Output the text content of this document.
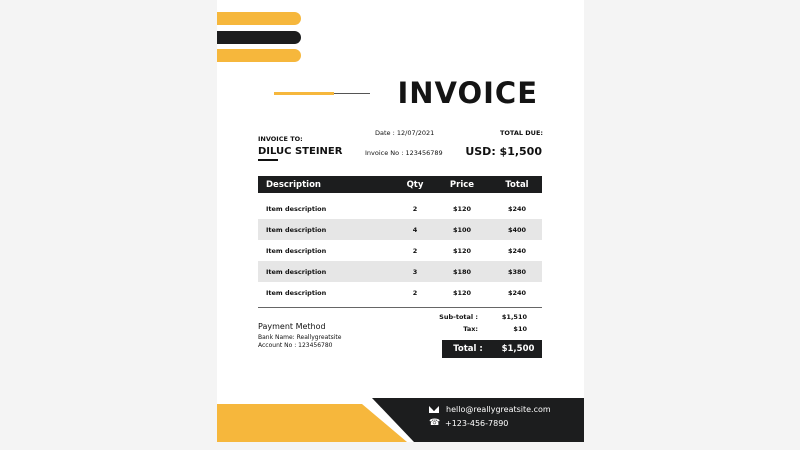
INVOICE
INVOICE TO:
DILUC STEINER
Date : 12/07/2021
Invoice No : 123456789
TOTAL DUE:
USD: $1,500
Description	Qty	Price	Total
Item description	2	$120	$240
Item description	4	$100	$400
Item description	2	$120	$240
Item description	3	$180	$380
Item description	2	$120	$240
Sub-total :	$1,510
Tax:	$10
Total :	$1,500
Payment Method
Bank Name: Reallygreatsite
Account No : 123456780
hello@reallygreatsite.com
☎ +123-456-7890
